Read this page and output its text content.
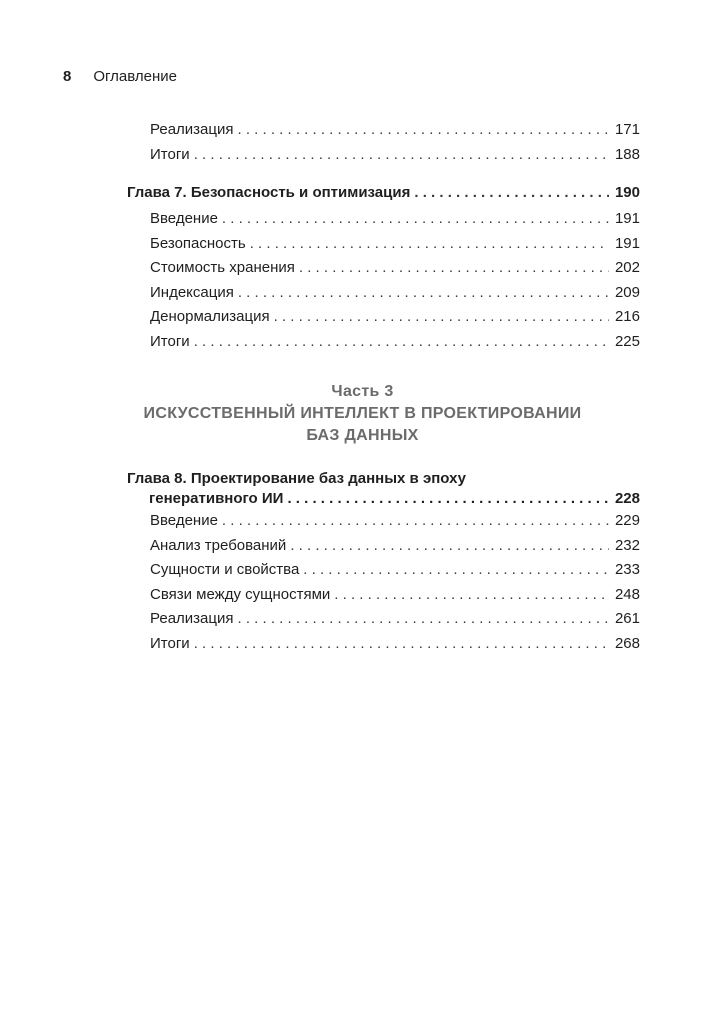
8 Оглавление
Реализация . . .	171
Итоги . . .	188
Глава 7. Безопасность и оптимизация . . .	190
Введение . . .	191
Безопасность . . .	191
Стоимость хранения . . .	202
Индексация . . .	209
Денормализация . . .	216
Итоги . . .	225
Часть 3
ИСКУССТВЕННЫЙ ИНТЕЛЛЕКТ В ПРОЕКТИРОВАНИИ
БАЗ ДАННЫХ
Глава 8. Проектирование баз данных в эпоху
генеративного ИИ . . .	228
Введение . . .	229
Анализ требований . . .	232
Сущности и свойства . . .	233
Связи между сущностями . . .	248
Реализация . . .	261
Итоги . . .	268
